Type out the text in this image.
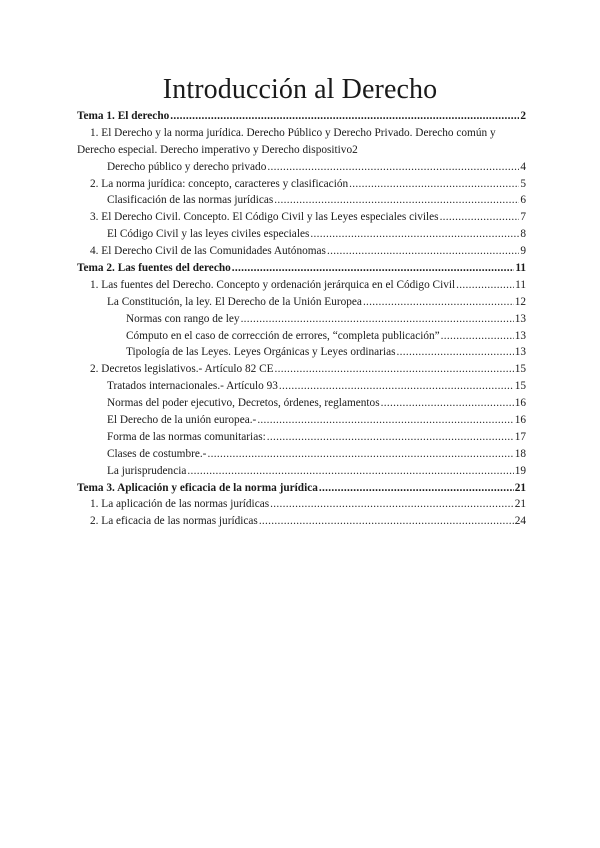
Introducción al Derecho
Tema 1. El derecho .....	2
1. El Derecho y la norma jurídica. Derecho Público y Derecho Privado. Derecho común y
Derecho especial. Derecho imperativo y Derecho dispositivo 2
Derecho público y derecho privado .....	4
2. La norma jurídica: concepto, caracteres y clasificación .....	5
Clasificación de las normas jurídicas .....	6
3. El Derecho Civil. Concepto. El Código Civil y las Leyes especiales civiles .....	7
El Código Civil y las leyes civiles especiales .....	8
4. El Derecho Civil de las Comunidades Autónomas .....	9
Tema 2. Las fuentes del derecho .....	11
1. Las fuentes del Derecho. Concepto y ordenación jerárquica en el Código Civil .....	11
La Constitución, la ley. El Derecho de la Unión Europea .....	12
Normas con rango de ley .....	13
Cómputo en el caso de corrección de errores, “completa publicación” .....	13
Tipología de las Leyes. Leyes Orgánicas y Leyes ordinarias .....	13
2. Decretos legislativos.- Artículo 82 CE .....	15
Tratados internacionales.- Artículo 93 .....	15
Normas del poder ejecutivo, Decretos, órdenes, reglamentos .....	16
El Derecho de la unión europea.- .....	16
Forma de las normas comunitarias: .....	17
Clases de costumbre.- .....	18
La jurisprudencia .....	19
Tema 3. Aplicación y eficacia de la norma jurídica .....	21
1. La aplicación de las normas jurídicas .....	21
2. La eficacia de las normas jurídicas .....	24
